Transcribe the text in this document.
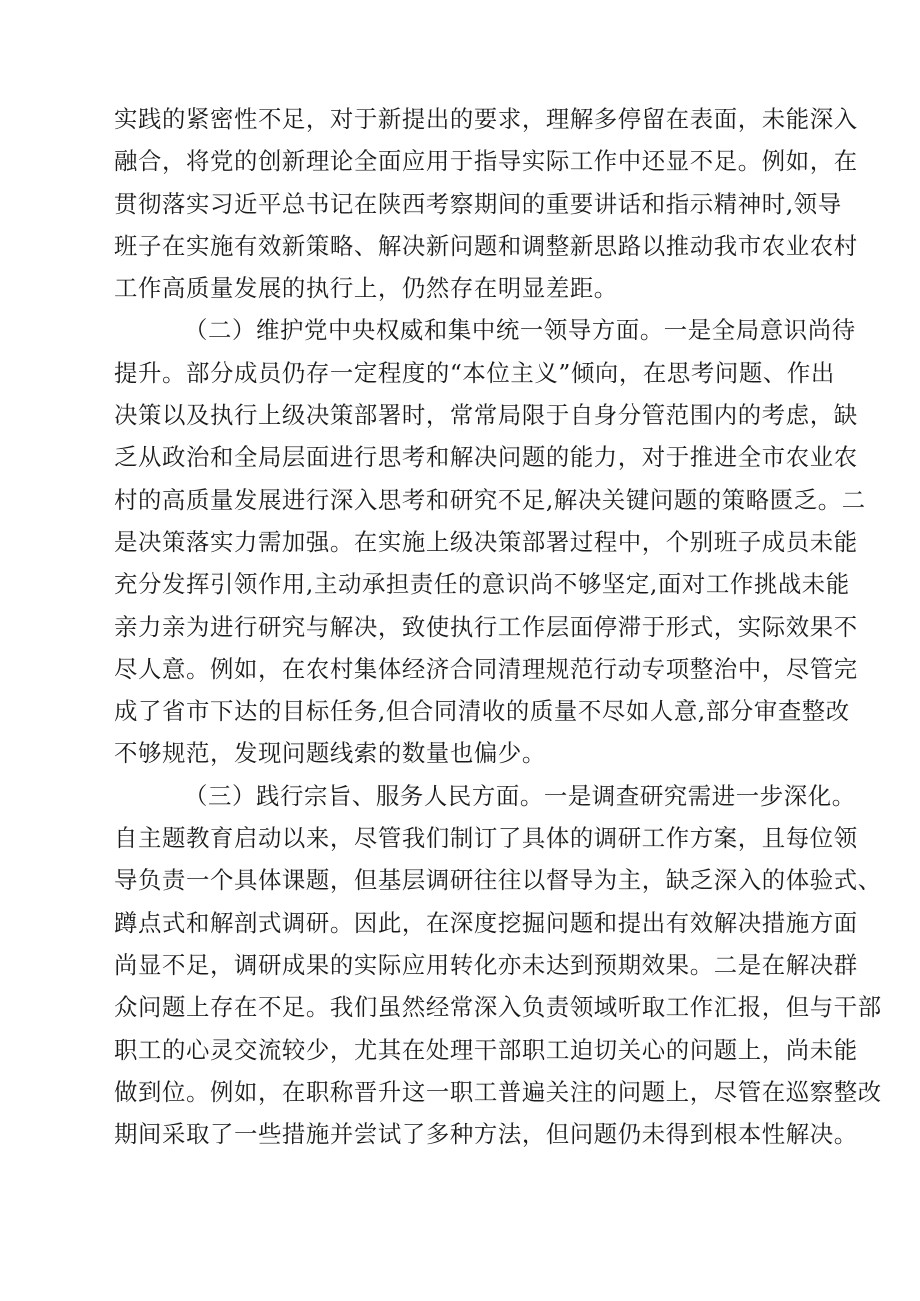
实践的紧密性不足，对于新提出的要求，理解多停留在表面，未能深入
融合，将党的创新理论全面应用于指导实际工作中还显不足。例如，在
贯彻落实习近平总书记在陕西考察期间的重要讲话和指示精神时,领导
班子在实施有效新策略、解决新问题和调整新思路以推动我市农业农村
工作高质量发展的执行上，仍然存在明显差距。
（二）维护党中央权威和集中统一领导方面。一是全局意识尚待
提升。部分成员仍存一定程度的“本位主义”倾向，在思考问题、作出
决策以及执行上级决策部署时，常常局限于自身分管范围内的考虑，缺
乏从政治和全局层面进行思考和解决问题的能力，对于推进全市农业农
村的高质量发展进行深入思考和研究不足,解决关键问题的策略匮乏。二
是决策落实力需加强。在实施上级决策部署过程中，个别班子成员未能
充分发挥引领作用,主动承担责任的意识尚不够坚定,面对工作挑战未能
亲力亲为进行研究与解决，致使执行工作层面停滞于形式，实际效果不
尽人意。例如，在农村集体经济合同清理规范行动专项整治中，尽管完
成了省市下达的目标任务,但合同清收的质量不尽如人意,部分审查整改
不够规范，发现问题线索的数量也偏少。
（三）践行宗旨、服务人民方面。一是调查研究需进一步深化。
自主题教育启动以来，尽管我们制订了具体的调研工作方案，且每位领
导负责一个具体课题，但基层调研往往以督导为主，缺乏深入的体验式、
蹲点式和解剖式调研。因此，在深度挖掘问题和提出有效解决措施方面
尚显不足，调研成果的实际应用转化亦未达到预期效果。二是在解决群
众问题上存在不足。我们虽然经常深入负责领域听取工作汇报，但与干部
职工的心灵交流较少，尤其在处理干部职工迫切关心的问题上，尚未能
做到位。例如，在职称晋升这一职工普遍关注的问题上，尽管在巡察整改
期间采取了一些措施并尝试了多种方法，但问题仍未得到根本性解决。
